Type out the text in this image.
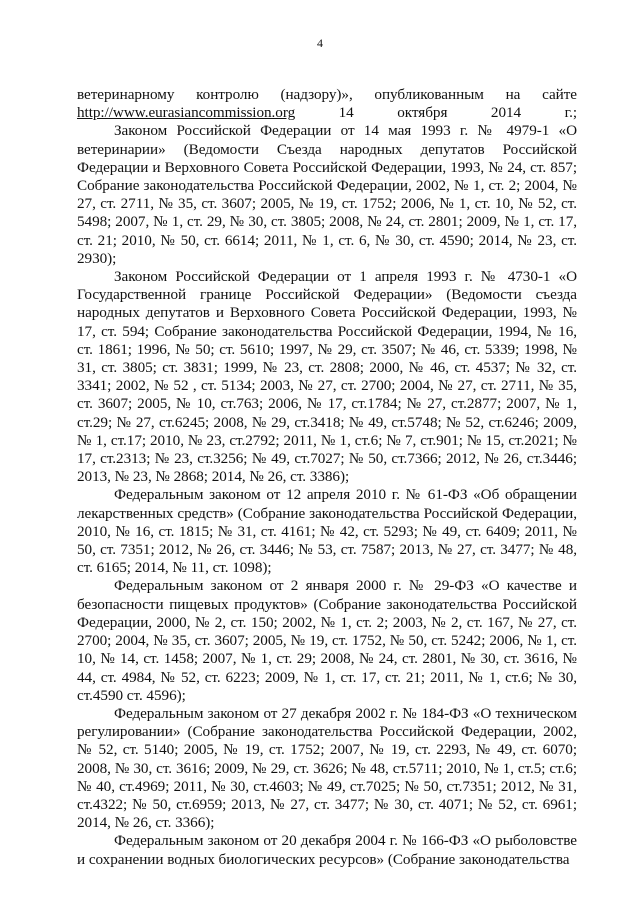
4

ветеринарному контролю (надзору)», опубликованным на сайте http://www.eurasiancommission.org 14 октября 2014 г.;

Законом Российской Федерации от 14 мая 1993 г. № 4979-1 «О ветеринарии» (Ведомости Съезда народных депутатов Российской Федерации и Верховного Совета Российской Федерации, 1993, № 24, ст. 857; Собрание законодательства Российской Федерации, 2002, № 1, ст. 2; 2004, № 27, ст. 2711, № 35, ст. 3607; 2005, № 19, ст. 1752; 2006, № 1, ст. 10, № 52, ст. 5498; 2007, № 1, ст. 29, № 30, ст. 3805; 2008, № 24, ст. 2801; 2009, № 1, ст. 17, ст. 21; 2010, № 50, ст. 6614; 2011, № 1, ст. 6, № 30, ст. 4590; 2014, № 23, ст. 2930);

Законом Российской Федерации от 1 апреля 1993 г. № 4730-1 «О Государственной границе Российской Федерации» (Ведомости съезда народных депутатов и Верховного Совета Российской Федерации, 1993, № 17, ст. 594; Собрание законодательства Российской Федерации, 1994, № 16, ст. 1861; 1996, № 50; ст. 5610; 1997, № 29, ст. 3507; № 46, ст. 5339; 1998, № 31, ст. 3805; ст. 3831; 1999, № 23, ст. 2808; 2000, № 46, ст. 4537; № 32, ст. 3341; 2002, № 52 , ст. 5134; 2003, № 27, ст. 2700; 2004, № 27, ст. 2711, № 35, ст. 3607; 2005, № 10, ст.763; 2006, № 17, ст.1784; № 27, ст.2877; 2007, № 1, ст.29; № 27, ст.6245; 2008, № 29, ст.3418; № 49, ст.5748; № 52, ст.6246; 2009, № 1, ст.17; 2010, № 23, ст.2792; 2011, № 1, ст.6; № 7, ст.901; № 15, ст.2021; № 17, ст.2313; № 23, ст.3256; № 49, ст.7027; № 50, ст.7366; 2012, № 26, ст.3446; 2013, № 23, № 2868; 2014, № 26, ст. 3386);

Федеральным законом от 12 апреля 2010 г. № 61-ФЗ «Об обращении лекарственных средств» (Собрание законодательства Российской Федерации, 2010, № 16, ст. 1815; № 31, ст. 4161; № 42, ст. 5293; № 49, ст. 6409; 2011, № 50, ст. 7351; 2012, № 26, ст. 3446; № 53, ст. 7587; 2013, № 27, ст. 3477; № 48, ст. 6165; 2014, № 11, ст. 1098);

Федеральным законом от 2 января 2000 г. № 29-ФЗ «О качестве и безопасности пищевых продуктов» (Собрание законодательства Российской Федерации, 2000, № 2, ст. 150; 2002, № 1, ст. 2; 2003, № 2, ст. 167, № 27, ст. 2700; 2004, № 35, ст. 3607; 2005, № 19, ст. 1752, № 50, ст. 5242; 2006, № 1, ст. 10, № 14, ст. 1458; 2007, № 1, ст. 29; 2008, № 24, ст. 2801, № 30, ст. 3616, № 44, ст. 4984, № 52, ст. 6223; 2009, № 1, ст. 17, ст. 21; 2011, № 1, ст.6; № 30, ст.4590 ст. 4596);

Федеральным законом от 27 декабря 2002 г. № 184-ФЗ «О техническом регулировании» (Собрание законодательства Российской Федерации, 2002, № 52, ст. 5140; 2005, № 19, ст. 1752; 2007, № 19, ст. 2293, № 49, ст. 6070; 2008, № 30, ст. 3616; 2009, № 29, ст. 3626; № 48, ст.5711; 2010, № 1, ст.5; ст.6; № 40, ст.4969; 2011, № 30, ст.4603; № 49, ст.7025; № 50, ст.7351; 2012, № 31, ст.4322; № 50, ст.6959; 2013, № 27, ст. 3477; № 30, ст. 4071; № 52, ст. 6961; 2014, № 26, ст. 3366);

Федеральным законом от 20 декабря 2004 г. № 166-ФЗ «О рыболовстве и сохранении водных биологических ресурсов» (Собрание законодательства
